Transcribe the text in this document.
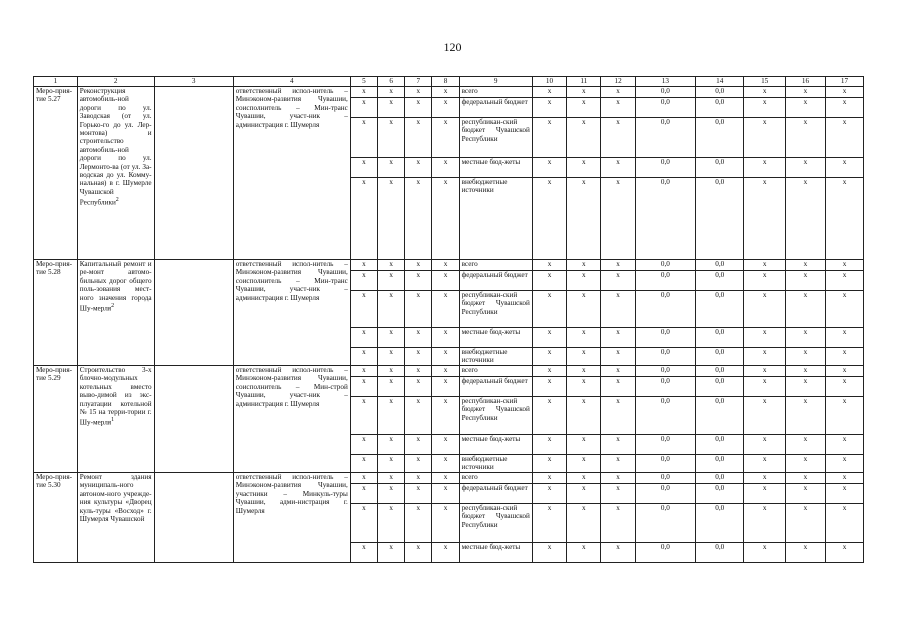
120
1	2	3	4	5	6	7	8	9	10	11	12	13	14	15	16	17
Меро-прия-тие 5.27	Реконструкция автомобиль-ной дороги по ул. Заводская (от ул. Горько-го до ул. Лер-монтова) и строительство автомобиль-ной дороги по ул. Лермонто-ва (от ул. За-водская до ул. Комму-нальная) в г. Шумерле Чувашской Республики$^2$		ответственный испол-нитель – Минэконом-развития Чувашии, соисполнитель – Мин-транс Чувашии, участ-ник – администрация г. Шумерля	х	х	х	х	всего	х	х	х	0,0	0,0	х	х	х
				х	х	х	х	федеральный бюджет	х	х	х	0,0	0,0	х	х	х
				х	х	х	х	республикан-ский бюджет Чувашской Республики	х	х	х	0,0	0,0	х	х	х
				х	х	х	х	местные бюд-жеты	х	х	х	0,0	0,0	х	х	х
				х	х	х	х	внебюджетные источники	х	х	х	0,0	0,0	х	х	х
Меро-прия-тие 5.28	Капитальный ремонт и ре-монт автомо-бильных дорог общего поль-зования мест-ного значения города Шу-мерля$^2$		ответственный испол-нитель – Минэконом-развития Чувашии, соисполнитель – Мин-транс Чувашии, участ-ник – администрация г. Шумерля	х	х	х	х	всего	х	х	х	0,0	0,0	х	х	х
				х	х	х	х	федеральный бюджет	х	х	х	0,0	0,0	х	х	х
				х	х	х	х	республикан-ский бюджет Чувашской Республики	х	х	х	0,0	0,0	х	х	х
				х	х	х	х	местные бюд-жеты	х	х	х	0,0	0,0	х	х	х
				х	х	х	х	внебюджетные источники	х	х	х	0,0	0,0	х	х	х
Меро-прия-тие 5.29	Строительство 3-х блочно-модульных котельных вместо выво-димой из экс-плуатации котельной № 15 на терри-тории г. Шу-мерля$^1$		ответственный испол-нитель – Минэконом-развития Чувашии, соисполнитель – Мин-строй Чувашии, участ-ник – администрация г. Шумерля	х	х	х	х	всего	х	х	х	0,0	0,0	х	х	х
				х	х	х	х	федеральный бюджет	х	х	х	0,0	0,0	х	х	х
				х	х	х	х	республикан-ский бюджет Чувашской Республики	х	х	х	0,0	0,0	х	х	х
				х	х	х	х	местные бюд-жеты	х	х	х	0,0	0,0	х	х	х
				х	х	х	х	внебюджетные источники	х	х	х	0,0	0,0	х	х	х
Меро-прия-тие 5.30	Ремонт здания муниципаль-ного автоном-ного учрежде-ния культуры «Дворец куль-туры «Восход» г. Шумерля Чувашской		ответственный испол-нитель – Минэконом-развития Чувашии, участники – Минкуль-туры Чувашии, адми-нистрация г. Шумерля	х	х	х	х	всего	х	х	х	0,0	0,0	х	х	х
				х	х	х	х	федеральный бюджет	х	х	х	0,0	0,0	х	х	х
				х	х	х	х	республикан-ский бюджет Чувашской Республики	х	х	х	0,0	0,0	х	х	х
				х	х	х	х	местные бюд-жеты	х	х	х	0,0	0,0	х	х	х
